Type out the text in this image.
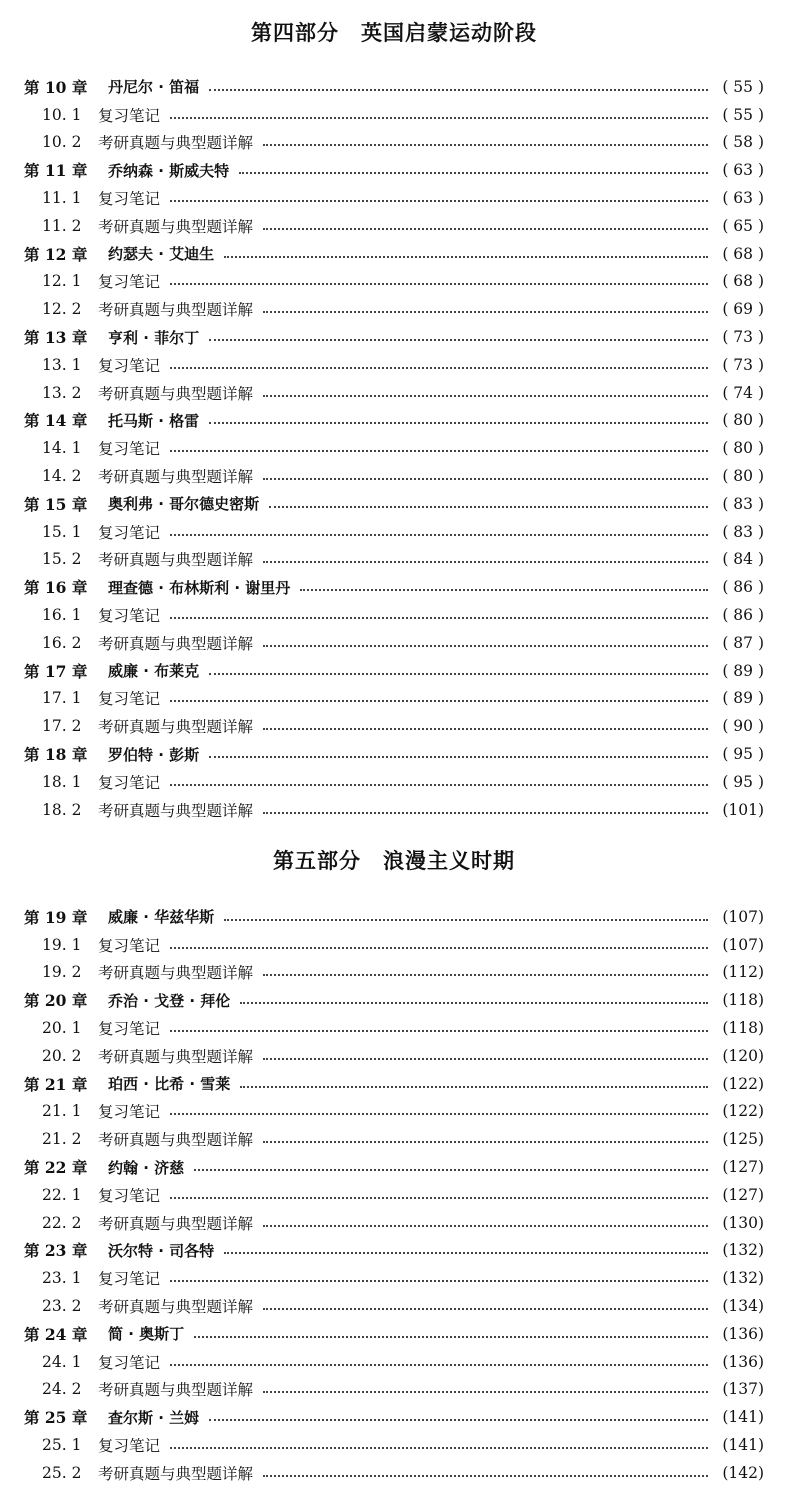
第四部分　英国启蒙运动阶段
第 10 章	丹尼尔 · 笛福	( 55 )
10. 1	复习笔记	( 55 )
10. 2	考研真题与典型题详解	( 58 )
第 11 章	乔纳森 · 斯威夫特	( 63 )
11. 1	复习笔记	( 63 )
11. 2	考研真题与典型题详解	( 65 )
第 12 章	约瑟夫 · 艾迪生	( 68 )
12. 1	复习笔记	( 68 )
12. 2	考研真题与典型题详解	( 69 )
第 13 章	亨利 · 菲尔丁	( 73 )
13. 1	复习笔记	( 73 )
13. 2	考研真题与典型题详解	( 74 )
第 14 章	托马斯 · 格雷	( 80 )
14. 1	复习笔记	( 80 )
14. 2	考研真题与典型题详解	( 80 )
第 15 章	奥利弗 · 哥尔德史密斯	( 83 )
15. 1	复习笔记	( 83 )
15. 2	考研真题与典型题详解	( 84 )
第 16 章	理查德 · 布林斯利 · 谢里丹	( 86 )
16. 1	复习笔记	( 86 )
16. 2	考研真题与典型题详解	( 87 )
第 17 章	威廉 · 布莱克	( 89 )
17. 1	复习笔记	( 89 )
17. 2	考研真题与典型题详解	( 90 )
第 18 章	罗伯特 · 彭斯	( 95 )
18. 1	复习笔记	( 95 )
18. 2	考研真题与典型题详解	(101)
第五部分　浪漫主义时期
第 19 章	威廉 · 华兹华斯	(107)
19. 1	复习笔记	(107)
19. 2	考研真题与典型题详解	(112)
第 20 章	乔治 · 戈登 · 拜伦	(118)
20. 1	复习笔记	(118)
20. 2	考研真题与典型题详解	(120)
第 21 章	珀西 · 比希 · 雪莱	(122)
21. 1	复习笔记	(122)
21. 2	考研真题与典型题详解	(125)
第 22 章	约翰 · 济慈	(127)
22. 1	复习笔记	(127)
22. 2	考研真题与典型题详解	(130)
第 23 章	沃尔特 · 司各特	(132)
23. 1	复习笔记	(132)
23. 2	考研真题与典型题详解	(134)
第 24 章	简 · 奥斯丁	(136)
24. 1	复习笔记	(136)
24. 2	考研真题与典型题详解	(137)
第 25 章	查尔斯 · 兰姆	(141)
25. 1	复习笔记	(141)
25. 2	考研真题与典型题详解	(142)
